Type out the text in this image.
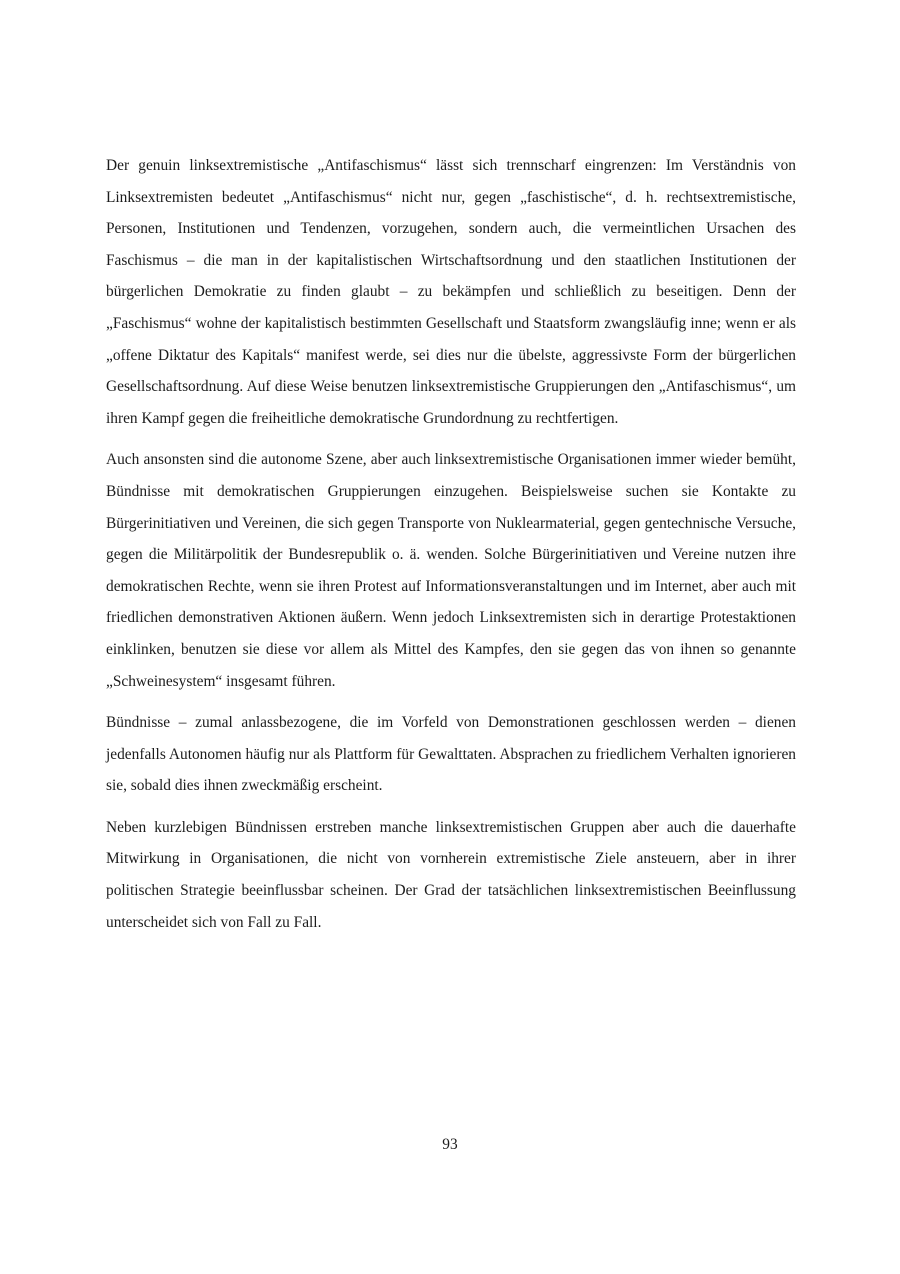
Der genuin linksextremistische „Antifaschismus“ lässt sich trennscharf eingrenzen: Im Verständnis von Linksextremisten bedeutet „Antifaschismus“ nicht nur, gegen „faschistische“, d. h. rechtsextremistische, Personen, Institutionen und Tendenzen, vorzugehen, sondern auch, die vermeintlichen Ursachen des Faschismus – die man in der kapitalistischen Wirtschaftsordnung und den staatlichen Institutionen der bürgerlichen Demokratie zu finden glaubt – zu bekämpfen und schließlich zu beseitigen. Denn der „Faschismus“ wohne der kapitalistisch bestimmten Gesellschaft und Staatsform zwangsläufig inne; wenn er als „offene Diktatur des Kapitals“ manifest werde, sei dies nur die übelste, aggressivste Form der bürgerlichen Gesellschaftsordnung. Auf diese Weise benutzen linksextremistische Gruppierungen den „Antifaschismus“, um ihren Kampf gegen die freiheitliche demokratische Grundordnung zu rechtfertigen.

Auch ansonsten sind die autonome Szene, aber auch linksextremistische Organisationen immer wieder bemüht, Bündnisse mit demokratischen Gruppierungen einzugehen. Beispielsweise suchen sie Kontakte zu Bürgerinitiativen und Vereinen, die sich gegen Transporte von Nuklearmaterial, gegen gentechnische Versuche, gegen die Militärpolitik der Bundesrepublik o. ä. wenden. Solche Bürgerinitiativen und Vereine nutzen ihre demokratischen Rechte, wenn sie ihren Protest auf Informationsveranstaltungen und im Internet, aber auch mit friedlichen demonstrativen Aktionen äußern. Wenn jedoch Linksextremisten sich in derartige Protestaktionen einklinken, benutzen sie diese vor allem als Mittel des Kampfes, den sie gegen das von ihnen so genannte „Schweinesystem“ insgesamt führen.

Bündnisse – zumal anlassbezogene, die im Vorfeld von Demonstrationen geschlossen werden – dienen jedenfalls Autonomen häufig nur als Plattform für Gewalttaten. Absprachen zu friedlichem Verhalten ignorieren sie, sobald dies ihnen zweckmäßig erscheint.

Neben kurzlebigen Bündnissen erstreben manche linksextremistischen Gruppen aber auch die dauerhafte Mitwirkung in Organisationen, die nicht von vornherein extremistische Ziele ansteuern, aber in ihrer politischen Strategie beeinflussbar scheinen. Der Grad der tatsächlichen linksextremistischen Beeinflussung unterscheidet sich von Fall zu Fall.

93
